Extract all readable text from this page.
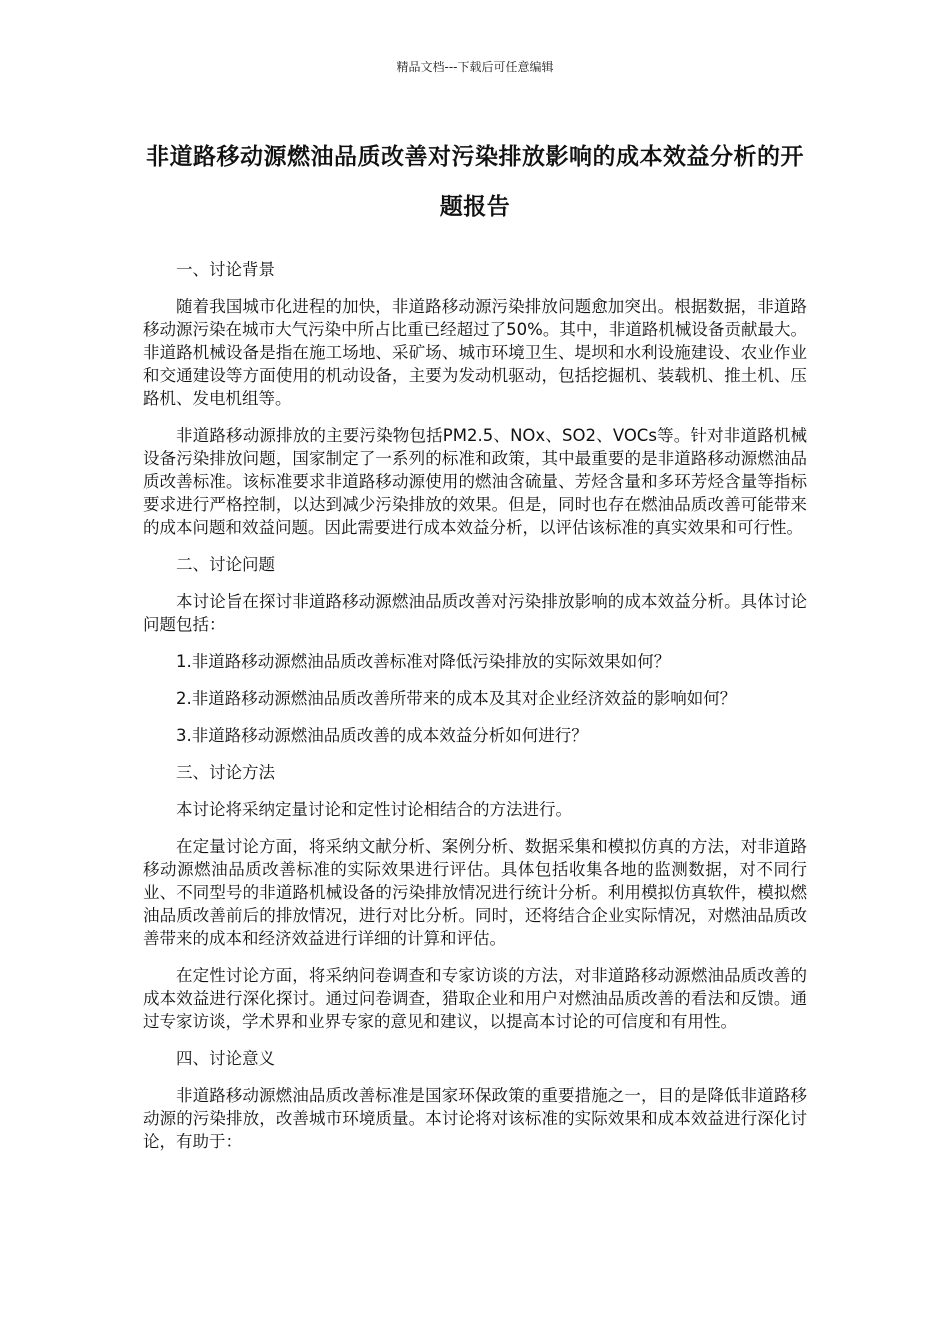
精品文档---下载后可任意编辑
非道路移动源燃油品质改善对污染排放影响的成本效益分析的开题报告

一、讨论背景

随着我国城市化进程的加快，非道路移动源污染排放问题愈加突出。根据数据，非道路移动源污染在城市大气污染中所占比重已经超过了50%。其中，非道路机械设备贡献最大。非道路机械设备是指在施工场地、采矿场、城市环境卫生、堤坝和水利设施建设、农业作业和交通建设等方面使用的机动设备，主要为发动机驱动，包括挖掘机、装载机、推土机、压路机、发电机组等。

非道路移动源排放的主要污染物包括PM2.5、NOx、SO2、VOCs等。针对非道路机械设备污染排放问题，国家制定了一系列的标准和政策，其中最重要的是非道路移动源燃油品质改善标准。该标准要求非道路移动源使用的燃油含硫量、芳烃含量和多环芳烃含量等指标要求进行严格控制，以达到减少污染排放的效果。但是，同时也存在燃油品质改善可能带来的成本问题和效益问题。因此需要进行成本效益分析，以评估该标准的真实效果和可行性。

二、讨论问题

本讨论旨在探讨非道路移动源燃油品质改善对污染排放影响的成本效益分析。具体讨论问题包括：

1.非道路移动源燃油品质改善标准对降低污染排放的实际效果如何？

2.非道路移动源燃油品质改善所带来的成本及其对企业经济效益的影响如何？

3.非道路移动源燃油品质改善的成本效益分析如何进行？

三、讨论方法

本讨论将采纳定量讨论和定性讨论相结合的方法进行。

在定量讨论方面，将采纳文献分析、案例分析、数据采集和模拟仿真的方法，对非道路移动源燃油品质改善标准的实际效果进行评估。具体包括收集各地的监测数据，对不同行业、不同型号的非道路机械设备的污染排放情况进行统计分析。利用模拟仿真软件，模拟燃油品质改善前后的排放情况，进行对比分析。同时，还将结合企业实际情况，对燃油品质改善带来的成本和经济效益进行详细的计算和评估。

在定性讨论方面，将采纳问卷调查和专家访谈的方法，对非道路移动源燃油品质改善的成本效益进行深化探讨。通过问卷调查，猎取企业和用户对燃油品质改善的看法和反馈。通过专家访谈，学术界和业界专家的意见和建议，以提高本讨论的可信度和有用性。

四、讨论意义

非道路移动源燃油品质改善标准是国家环保政策的重要措施之一，目的是降低非道路移动源的污染排放，改善城市环境质量。本讨论将对该标准的实际效果和成本效益进行深化讨论，有助于：
